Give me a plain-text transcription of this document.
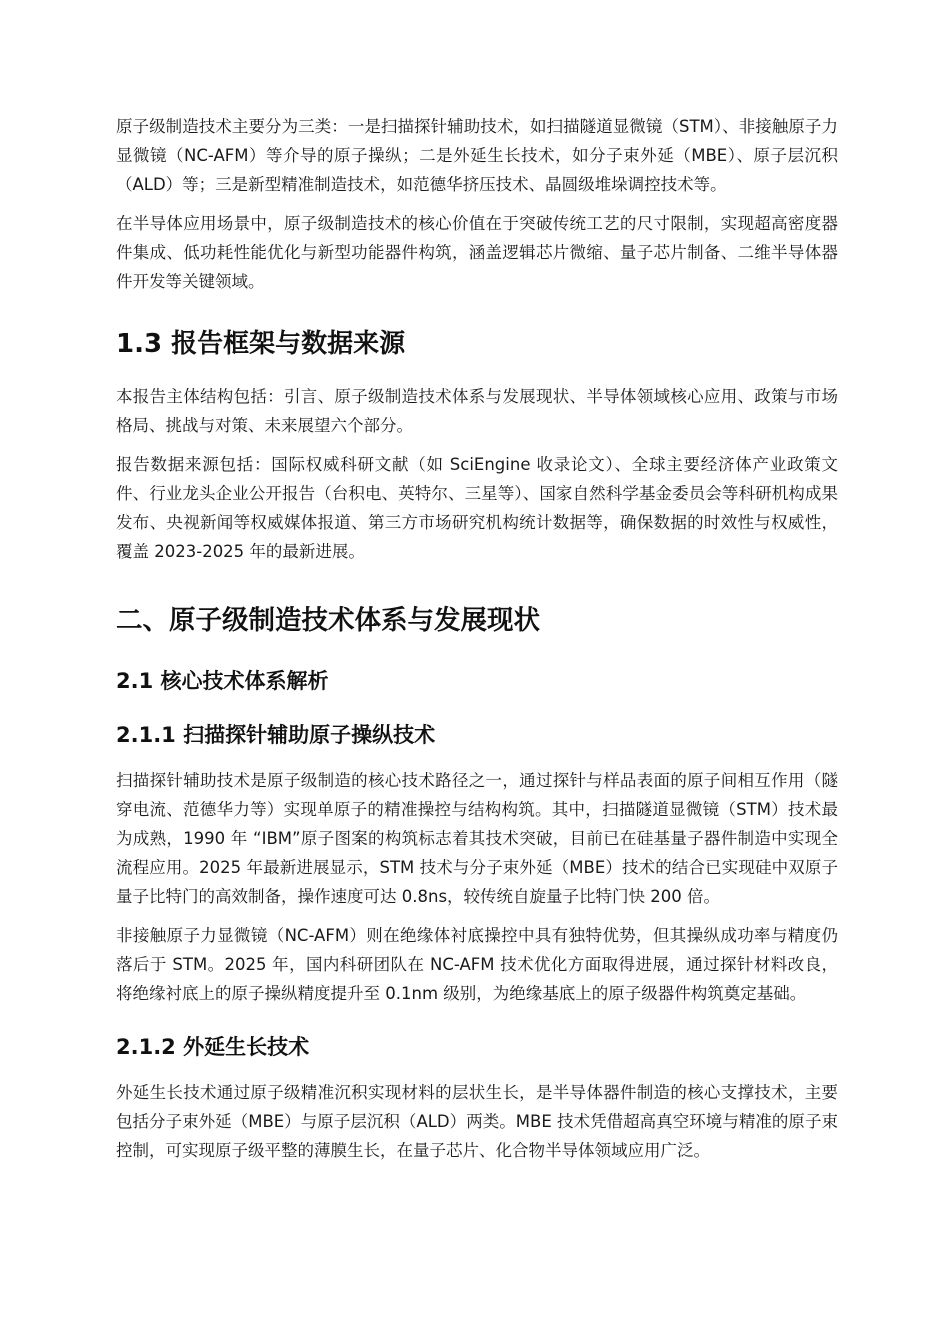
原子级制造技术主要分为三类：一是扫描探针辅助技术，如扫描隧道显微镜（STM）、非接触原子力显微镜（NC-AFM）等介导的原子操纵；二是外延生长技术，如分子束外延（MBE）、原子层沉积（ALD）等；三是新型精准制造技术，如范德华挤压技术、晶圆级堆垛调控技术等。

在半导体应用场景中，原子级制造技术的核心价值在于突破传统工艺的尺寸限制，实现超高密度器件集成、低功耗性能优化与新型功能器件构筑，涵盖逻辑芯片微缩、量子芯片制备、二维半导体器件开发等关键领域。

1.3 报告框架与数据来源

本报告主体结构包括：引言、原子级制造技术体系与发展现状、半导体领域核心应用、政策与市场格局、挑战与对策、未来展望六个部分。

报告数据来源包括：国际权威科研文献（如 SciEngine 收录论文）、全球主要经济体产业政策文件、行业龙头企业公开报告（台积电、英特尔、三星等）、国家自然科学基金委员会等科研机构成果发布、央视新闻等权威媒体报道、第三方市场研究机构统计数据等，确保数据的时效性与权威性，覆盖 2023-2025 年的最新进展。

二、原子级制造技术体系与发展现状
2.1 核心技术体系解析
2.1.1 扫描探针辅助原子操纵技术

扫描探针辅助技术是原子级制造的核心技术路径之一，通过探针与样品表面的原子间相互作用（隧穿电流、范德华力等）实现单原子的精准操控与结构构筑。其中，扫描隧道显微镜（STM）技术最为成熟，1990 年 “IBM”原子图案的构筑标志着其技术突破，目前已在硅基量子器件制造中实现全流程应用。2025 年最新进展显示，STM 技术与分子束外延（MBE）技术的结合已实现硅中双原子量子比特门的高效制备，操作速度可达 0.8ns，较传统自旋量子比特门快 200 倍。

非接触原子力显微镜（NC-AFM）则在绝缘体衬底操控中具有独特优势，但其操纵成功率与精度仍落后于 STM。2025 年，国内科研团队在 NC-AFM 技术优化方面取得进展，通过探针材料改良，将绝缘衬底上的原子操纵精度提升至 0.1nm 级别，为绝缘基底上的原子级器件构筑奠定基础。

2.1.2 外延生长技术

外延生长技术通过原子级精准沉积实现材料的层状生长，是半导体器件制造的核心支撑技术，主要包括分子束外延（MBE）与原子层沉积（ALD）两类。MBE 技术凭借超高真空环境与精准的原子束控制，可实现原子级平整的薄膜生长，在量子芯片、化合物半导体领域应用广泛。
